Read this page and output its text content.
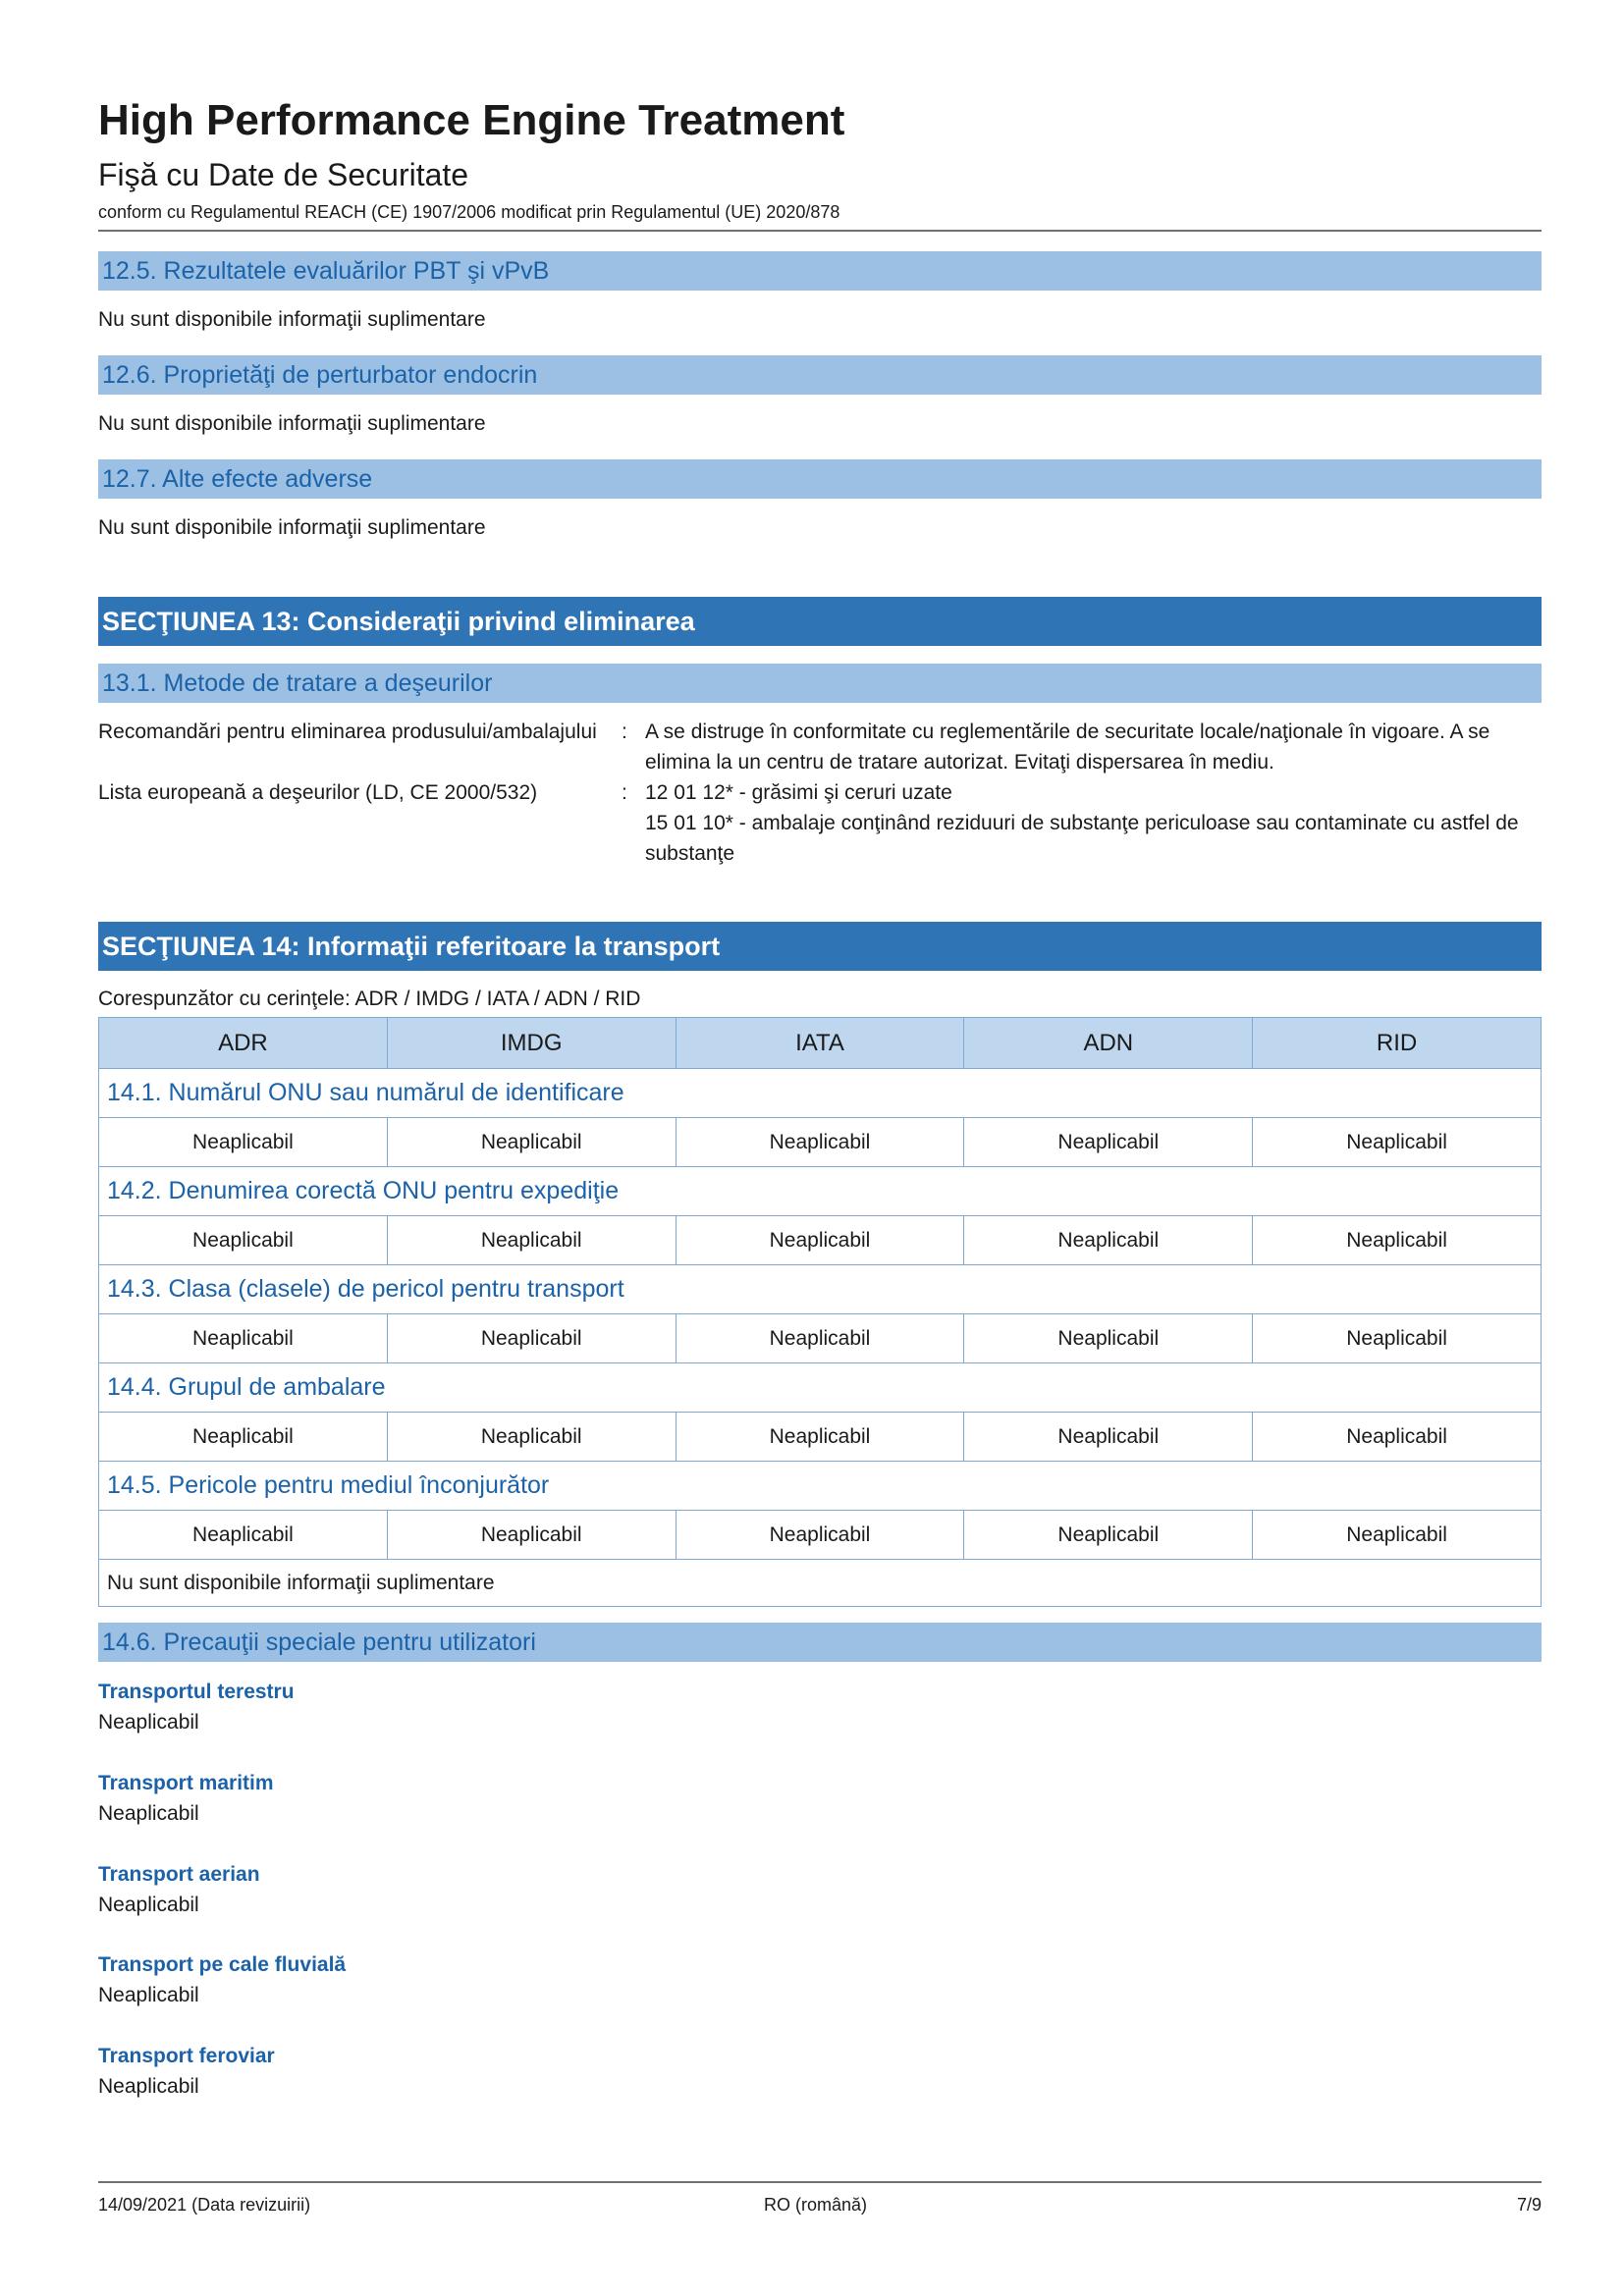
High Performance Engine Treatment
Fişă cu Date de Securitate
conform cu Regulamentul REACH (CE) 1907/2006 modificat prin Regulamentul (UE) 2020/878
12.5. Rezultatele evaluărilor PBT şi vPvB
Nu sunt disponibile informaţii suplimentare
12.6. Proprietăţi de perturbator endocrin
Nu sunt disponibile informaţii suplimentare
12.7. Alte efecte adverse
Nu sunt disponibile informaţii suplimentare
SECŢIUNEA 13: Consideraţii privind eliminarea
13.1. Metode de tratare a deşeurilor
Recomandări pentru eliminarea produsului/ambalajului	: A se distruge în conformitate cu reglementările de securitate locale/naţionale în vigoare. A se elimina la un centru de tratare autorizat. Evitaţi dispersarea în mediu.
Lista europeană a deşeurilor (LD, CE 2000/532)	: 12 01 12* - grăsimi şi ceruri uzate
15 01 10* - ambalaje conţinând reziduuri de substanţe periculoase sau contaminate cu astfel de substanţe
SECŢIUNEA 14: Informaţii referitoare la transport
Corespunzător cu cerinţele: ADR / IMDG / IATA / ADN / RID
ADR	IMDG	IATA	ADN	RID
14.1. Numărul ONU sau numărul de identificare				
Neaplicabil	Neaplicabil	Neaplicabil	Neaplicabil	Neaplicabil
14.2. Denumirea corectă ONU pentru expediţie				
Neaplicabil	Neaplicabil	Neaplicabil	Neaplicabil	Neaplicabil
14.3. Clasa (clasele) de pericol pentru transport				
Neaplicabil	Neaplicabil	Neaplicabil	Neaplicabil	Neaplicabil
14.4. Grupul de ambalare				
Neaplicabil	Neaplicabil	Neaplicabil	Neaplicabil	Neaplicabil
14.5. Pericole pentru mediul înconjurător				
Neaplicabil	Neaplicabil	Neaplicabil	Neaplicabil	Neaplicabil
Nu sunt disponibile informaţii suplimentare				
14.6. Precauţii speciale pentru utilizatori
Transportul terestru
Neaplicabil
Transport maritim
Neaplicabil
Transport aerian
Neaplicabil
Transport pe cale fluvială
Neaplicabil
Transport feroviar
Neaplicabil
14/09/2021 (Data revizuirii)	RO (română)	7/9
